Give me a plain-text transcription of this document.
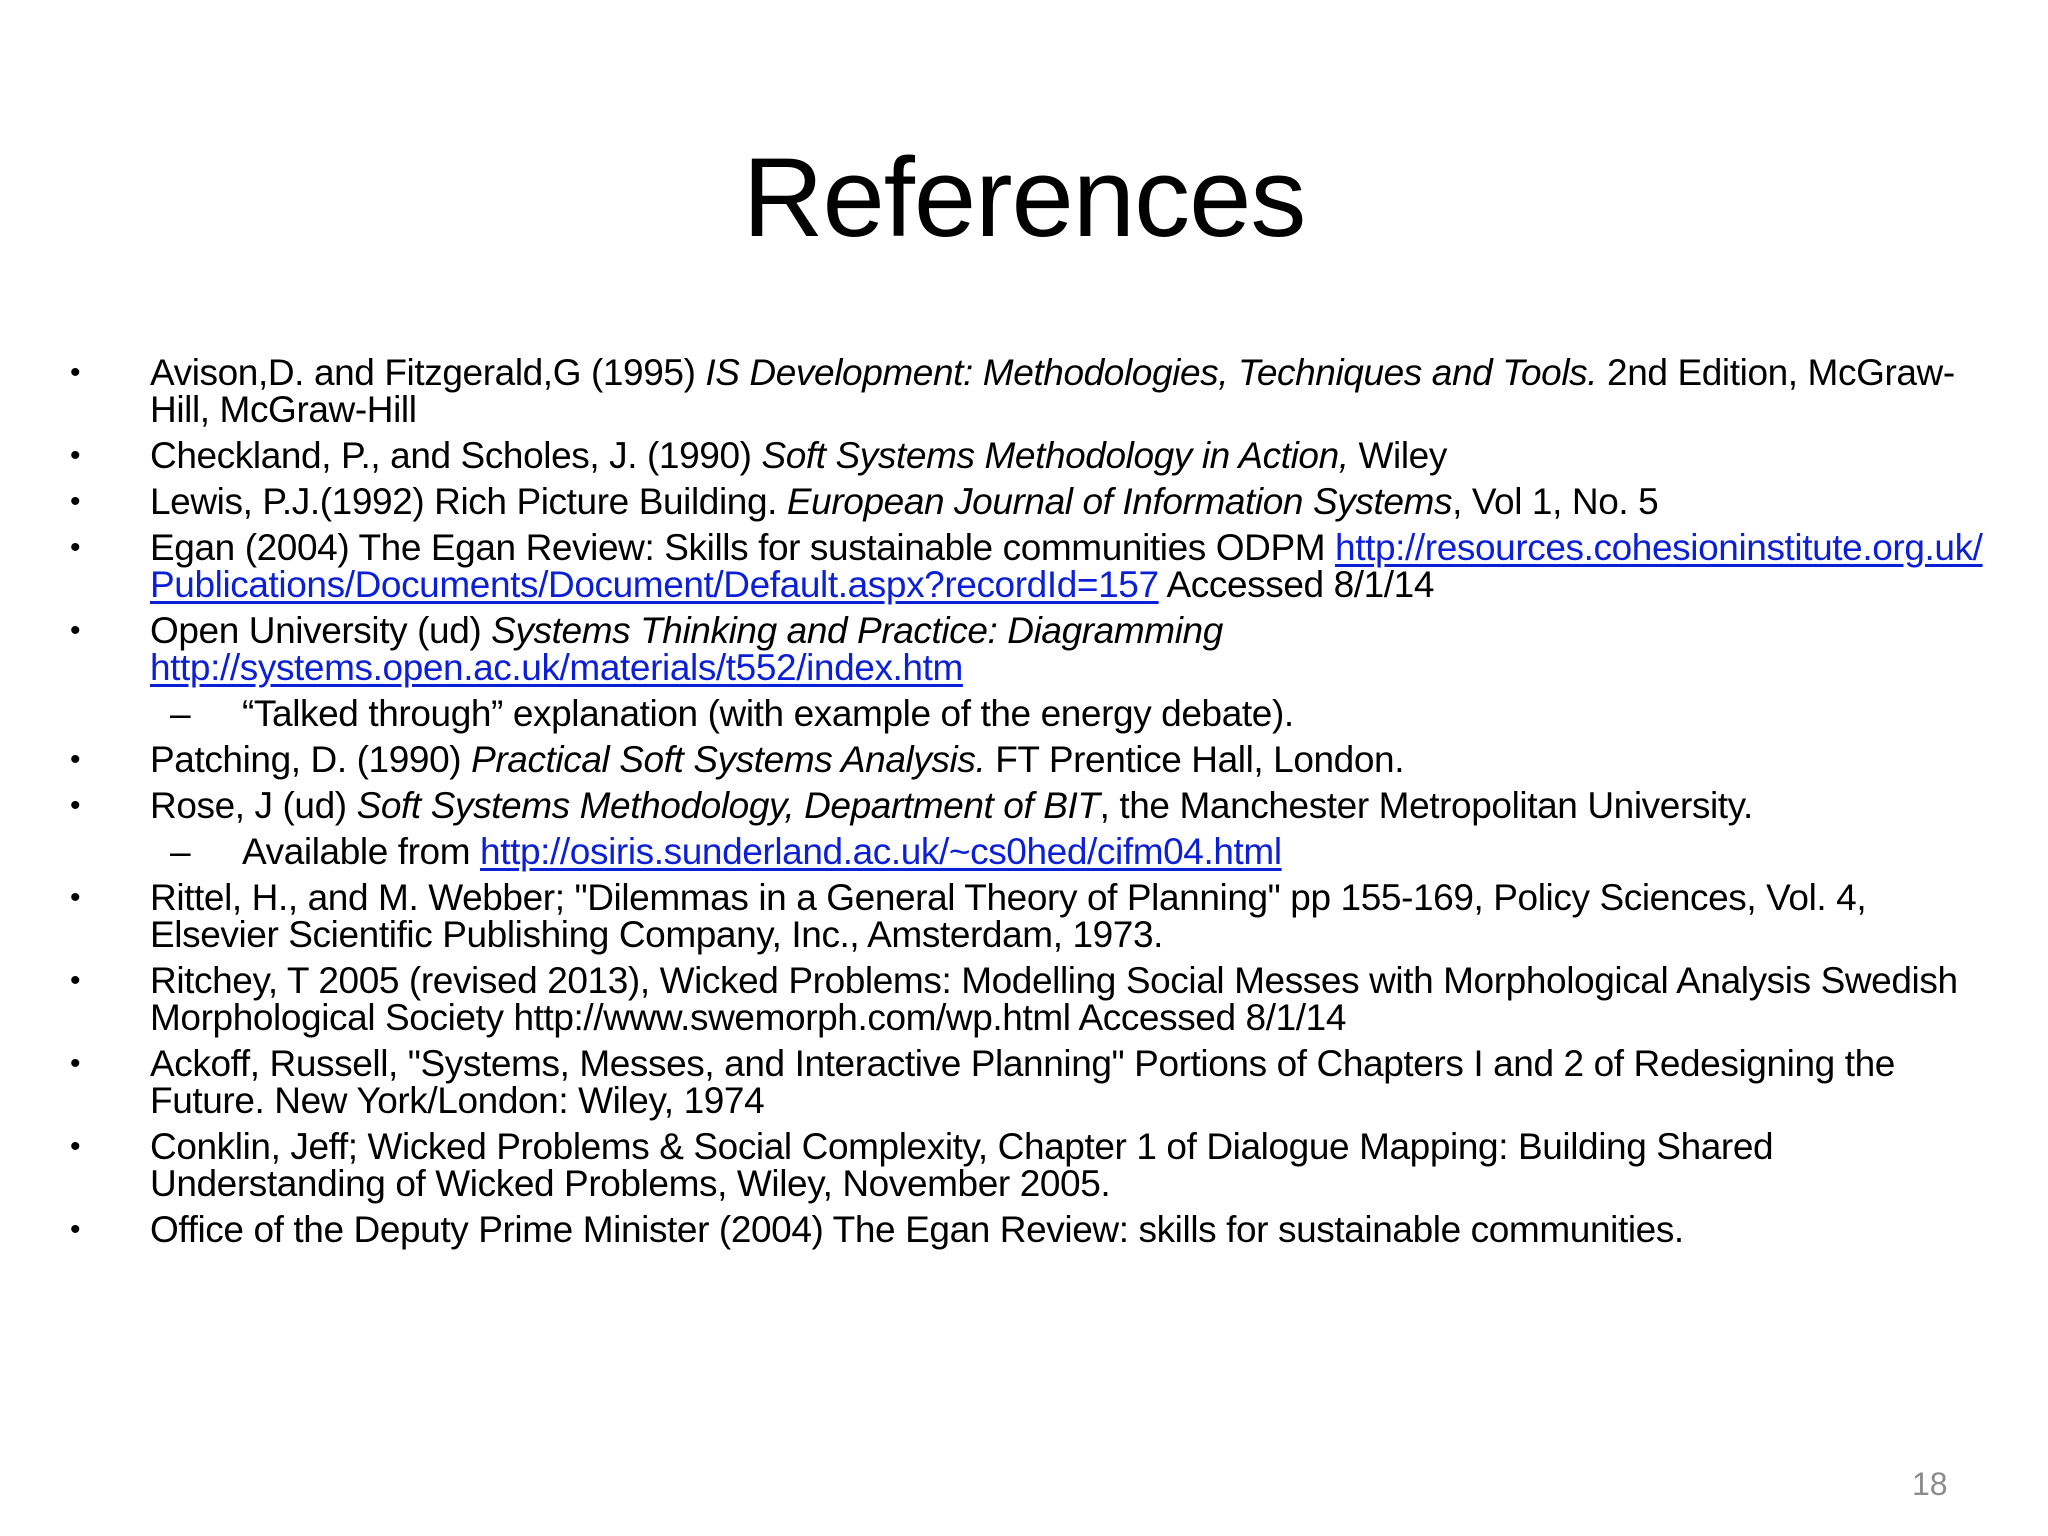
References
• Avison,D. and Fitzgerald,G (1995) IS Development: Methodologies, Techniques and Tools. 2nd Edition, McGraw-Hill, McGraw-Hill
• Checkland, P., and Scholes, J. (1990) Soft Systems Methodology in Action, Wiley
• Lewis, P.J.(1992) Rich Picture Building. European Journal of Information Systems, Vol 1, No. 5
• Egan (2004) The Egan Review: Skills for sustainable communities ODPM http://resources.cohesioninstitute.org.uk/Publications/Documents/Document/Default.aspx?recordId=157 Accessed 8/1/14
• Open University (ud) Systems Thinking and Practice: Diagramming
http://systems.open.ac.uk/materials/t552/index.htm
– “Talked through” explanation (with example of the energy debate).
• Patching, D. (1990) Practical Soft Systems Analysis. FT Prentice Hall, London.
• Rose, J (ud) Soft Systems Methodology, Department of BIT, the Manchester Metropolitan University.
– Available from http://osiris.sunderland.ac.uk/~cs0hed/cifm04.html
• Rittel, H., and M. Webber; "Dilemmas in a General Theory of Planning" pp 155-169, Policy Sciences, Vol. 4, Elsevier Scientific Publishing Company, Inc., Amsterdam, 1973.
• Ritchey, T 2005 (revised 2013), Wicked Problems: Modelling Social Messes with Morphological Analysis Swedish Morphological Society http://www.swemorph.com/wp.html Accessed 8/1/14
• Ackoff, Russell, "Systems, Messes, and Interactive Planning" Portions of Chapters I and 2 of Redesigning the Future. New York/London: Wiley, 1974
• Conklin, Jeff; Wicked Problems & Social Complexity, Chapter 1 of Dialogue Mapping: Building Shared Understanding of Wicked Problems, Wiley, November 2005.
• Office of the Deputy Prime Minister (2004) The Egan Review: skills for sustainable communities.
18
